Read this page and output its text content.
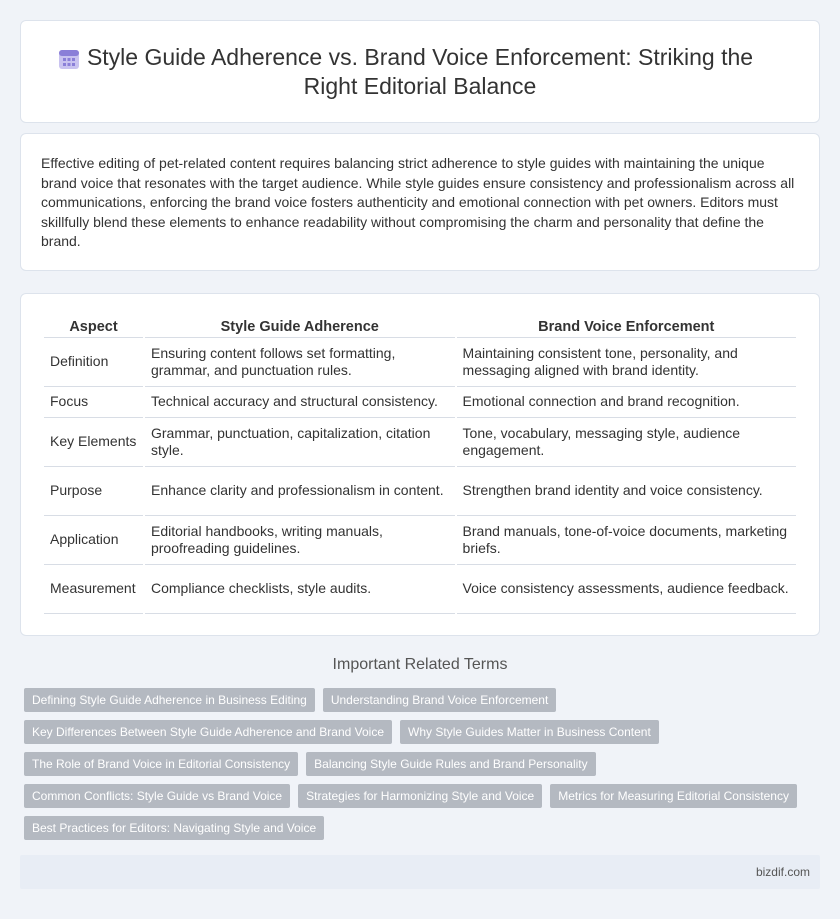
Style Guide Adherence vs. Brand Voice Enforcement: Striking the Right Editorial Balance

Effective editing of pet-related content requires balancing strict adherence to style guides with maintaining the unique brand voice that resonates with the target audience. While style guides ensure consistency and professionalism across all communications, enforcing the brand voice fosters authenticity and emotional connection with pet owners. Editors must skillfully blend these elements to enhance readability without compromising the charm and personality that define the brand.

Aspect	Style Guide Adherence	Brand Voice Enforcement
Definition	Ensuring content follows set formatting, grammar, and punctuation rules.	Maintaining consistent tone, personality, and messaging aligned with brand identity.
Focus	Technical accuracy and structural consistency.	Emotional connection and brand recognition.
Key Elements	Grammar, punctuation, capitalization, citation style.	Tone, vocabulary, messaging style, audience engagement.
Purpose	Enhance clarity and professionalism in content.	Strengthen brand identity and voice consistency.
Application	Editorial handbooks, writing manuals, proofreading guidelines.	Brand manuals, tone-of-voice documents, marketing briefs.
Measurement	Compliance checklists, style audits.	Voice consistency assessments, audience feedback.
Important Related Terms
Defining Style Guide Adherence in Business Editing	Understanding Brand Voice Enforcement
Key Differences Between Style Guide Adherence and Brand Voice	Why Style Guides Matter in Business Content
The Role of Brand Voice in Editorial Consistency	Balancing Style Guide Rules and Brand Personality
Common Conflicts: Style Guide vs Brand Voice	Strategies for Harmonizing Style and Voice	Metrics for Measuring Editorial Consistency
Best Practices for Editors: Navigating Style and Voice
bizdif.com
